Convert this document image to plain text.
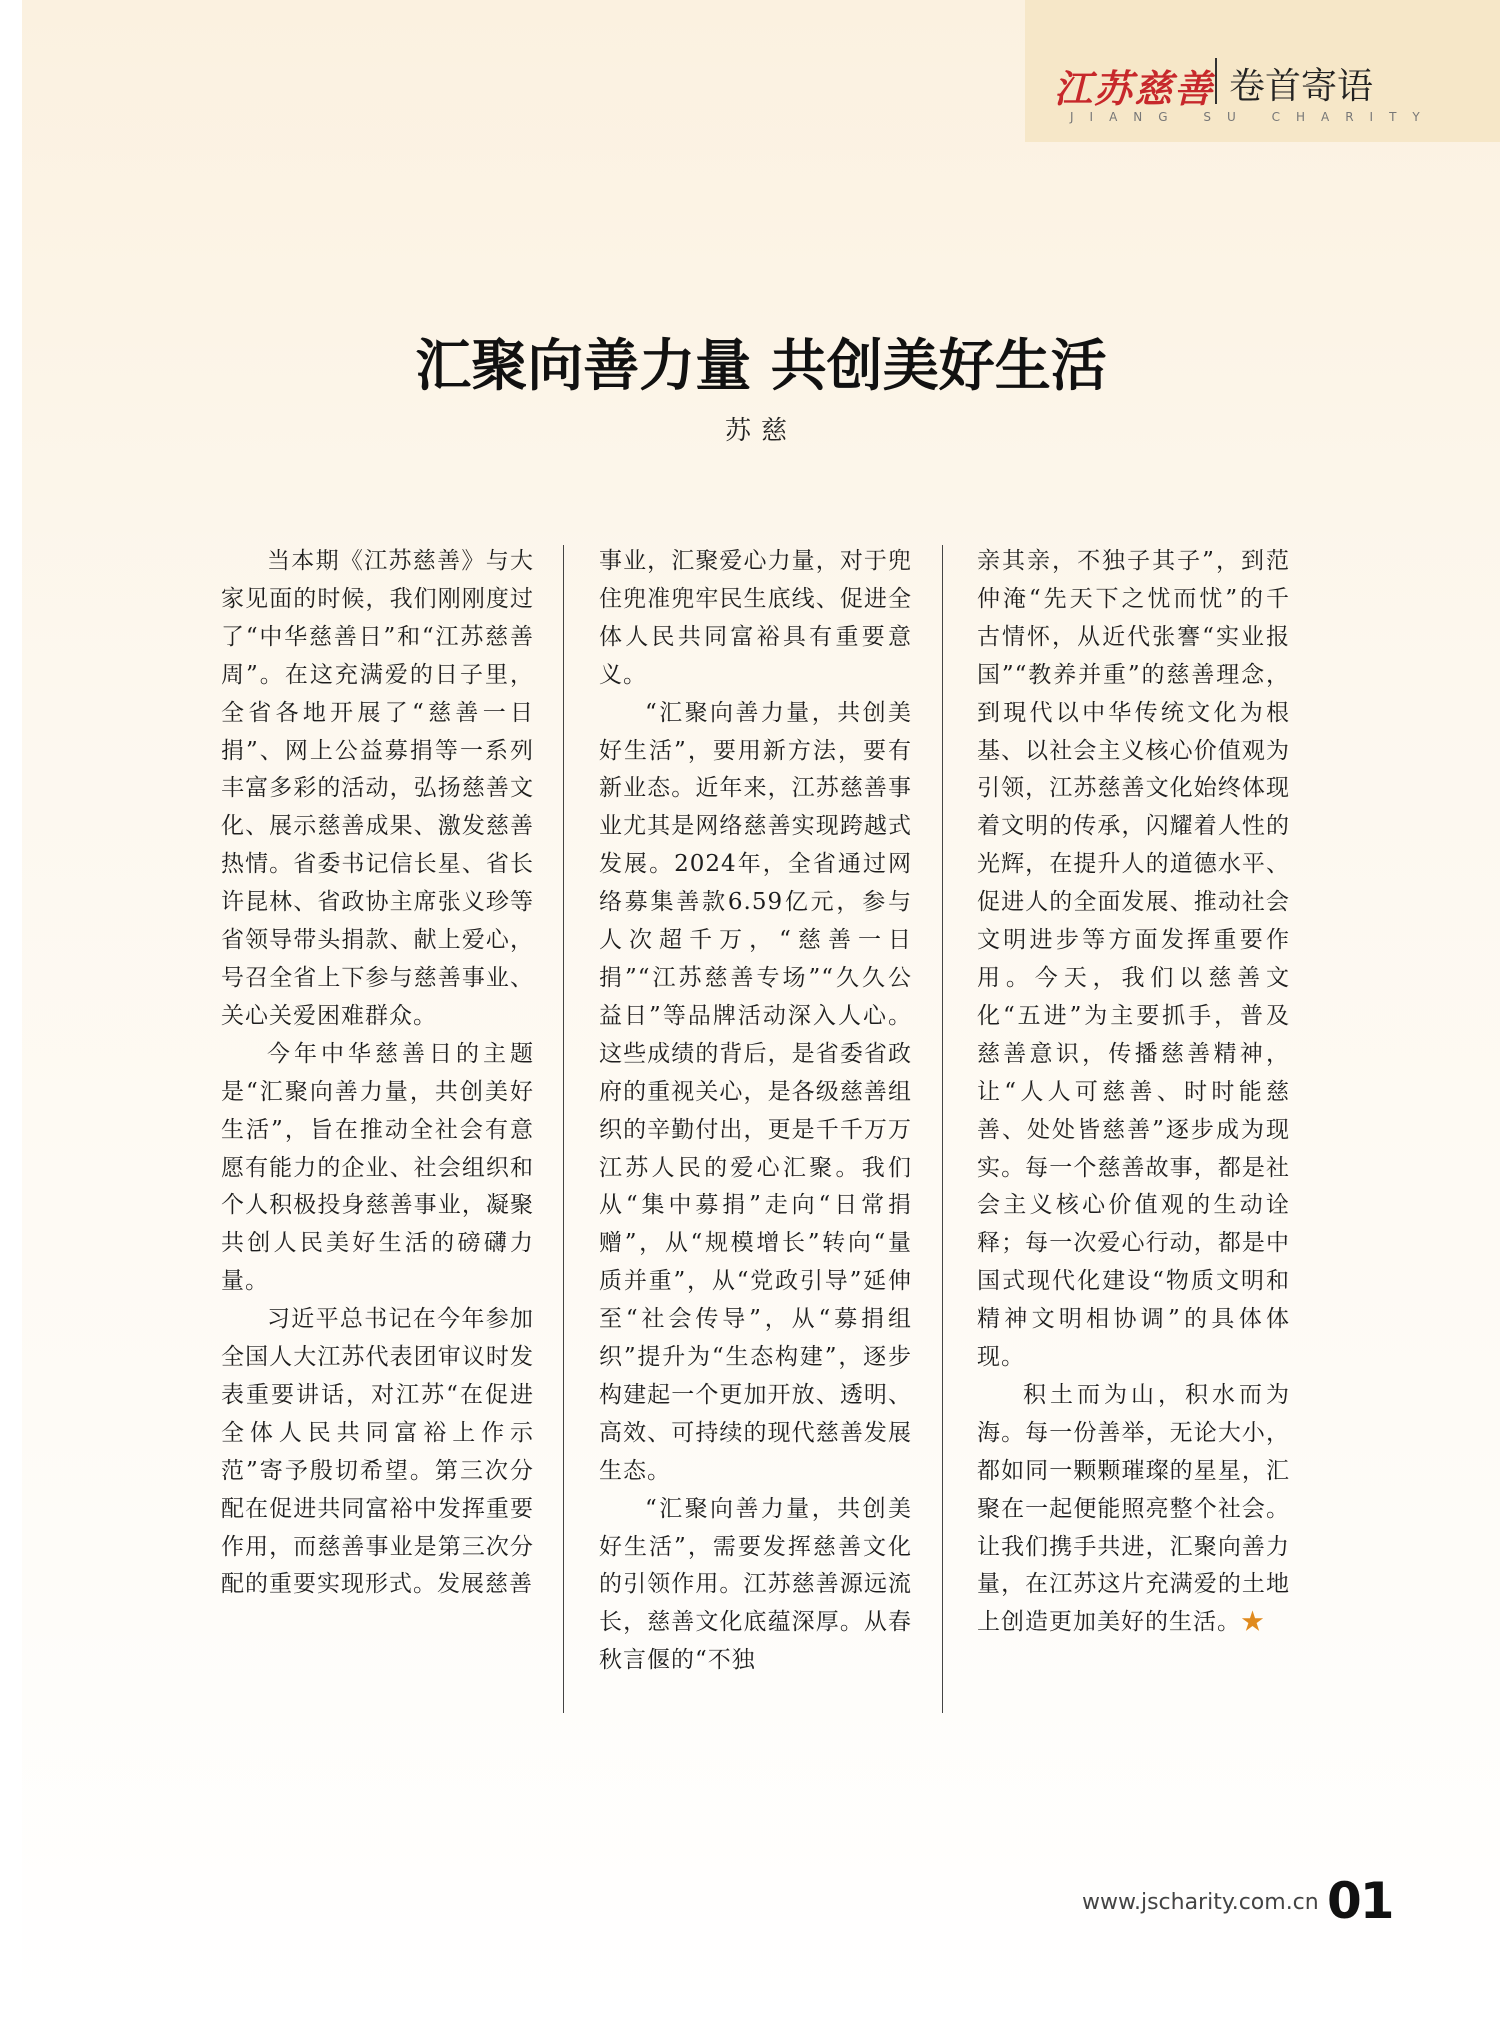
江苏慈善 卷首寄语
JIANG SU CHARITY
汇聚向善力量 共创美好生活
苏慈

当本期《江苏慈善》与大家见面的时候，我们刚刚度过了“中华慈善日”和“江苏慈善周”。在这充满爱的日子里，全省各地开展了“慈善一日捐”、网上公益募捐等一系列丰富多彩的活动，弘扬慈善文化、展示慈善成果、激发慈善热情。省委书记信长星、省长许昆林、省政协主席张义珍等省领导带头捐款、献上爱心，号召全省上下参与慈善事业、关心关爱困难群众。

今年中华慈善日的主题是“汇聚向善力量，共创美好生活”，旨在推动全社会有意愿有能力的企业、社会组织和个人积极投身慈善事业，凝聚共创人民美好生活的磅礴力量。

习近平总书记在今年参加全国人大江苏代表团审议时发表重要讲话，对江苏“在促进全体人民共同富裕上作示范”寄予殷切希望。第三次分配在促进共同富裕中发挥重要作用，而慈善事业是第三次分配的重要实现形式。发展慈善

事业，汇聚爱心力量，对于兜住兜准兜牢民生底线、促进全体人民共同富裕具有重要意义。

“汇聚向善力量，共创美好生活”，要用新方法，要有新业态。近年来，江苏慈善事业尤其是网络慈善实现跨越式发展。2024年，全省通过网络募集善款6.59亿元，参与人次超千万，“慈善一日捐”“江苏慈善专场”“久久公益日”等品牌活动深入人心。这些成绩的背后，是省委省政府的重视关心，是各级慈善组织的辛勤付出，更是千千万万江苏人民的爱心汇聚。我们从“集中募捐”走向“日常捐赠”，从“规模增长”转向“量质并重”，从“党政引导”延伸至“社会传导”，从“募捐组织”提升为“生态构建”，逐步构建起一个更加开放、透明、高效、可持续的现代慈善发展生态。

“汇聚向善力量，共创美好生活”，需要发挥慈善文化的引领作用。江苏慈善源远流长，慈善文化底蕴深厚。从春秋言偃的“不独

亲其亲，不独子其子”，到范仲淹“先天下之忧而忧”的千古情怀，从近代张謇“实业报国”“教养并重”的慈善理念，到現代以中华传统文化为根基、以社会主义核心价值观为引领，江苏慈善文化始终体现着文明的传承，闪耀着人性的光辉，在提升人的道德水平、促进人的全面发展、推动社会文明进步等方面发挥重要作用。今天，我们以慈善文化“五进”为主要抓手，普及慈善意识，传播慈善精神，让“人人可慈善、时时能慈善、处处皆慈善”逐步成为现实。每一个慈善故事，都是社会主义核心价值观的生动诠释；每一次爱心行动，都是中国式现代化建设“物质文明和精神文明相协调”的具体体现。

积土而为山，积水而为海。每一份善举，无论大小，都如同一颗颗璀璨的星星，汇聚在一起便能照亮整个社会。让我们携手共进，汇聚向善力量，在江苏这片充满爱的土地上创造更加美好的生活。★

www.jscharity.com.cn 01
